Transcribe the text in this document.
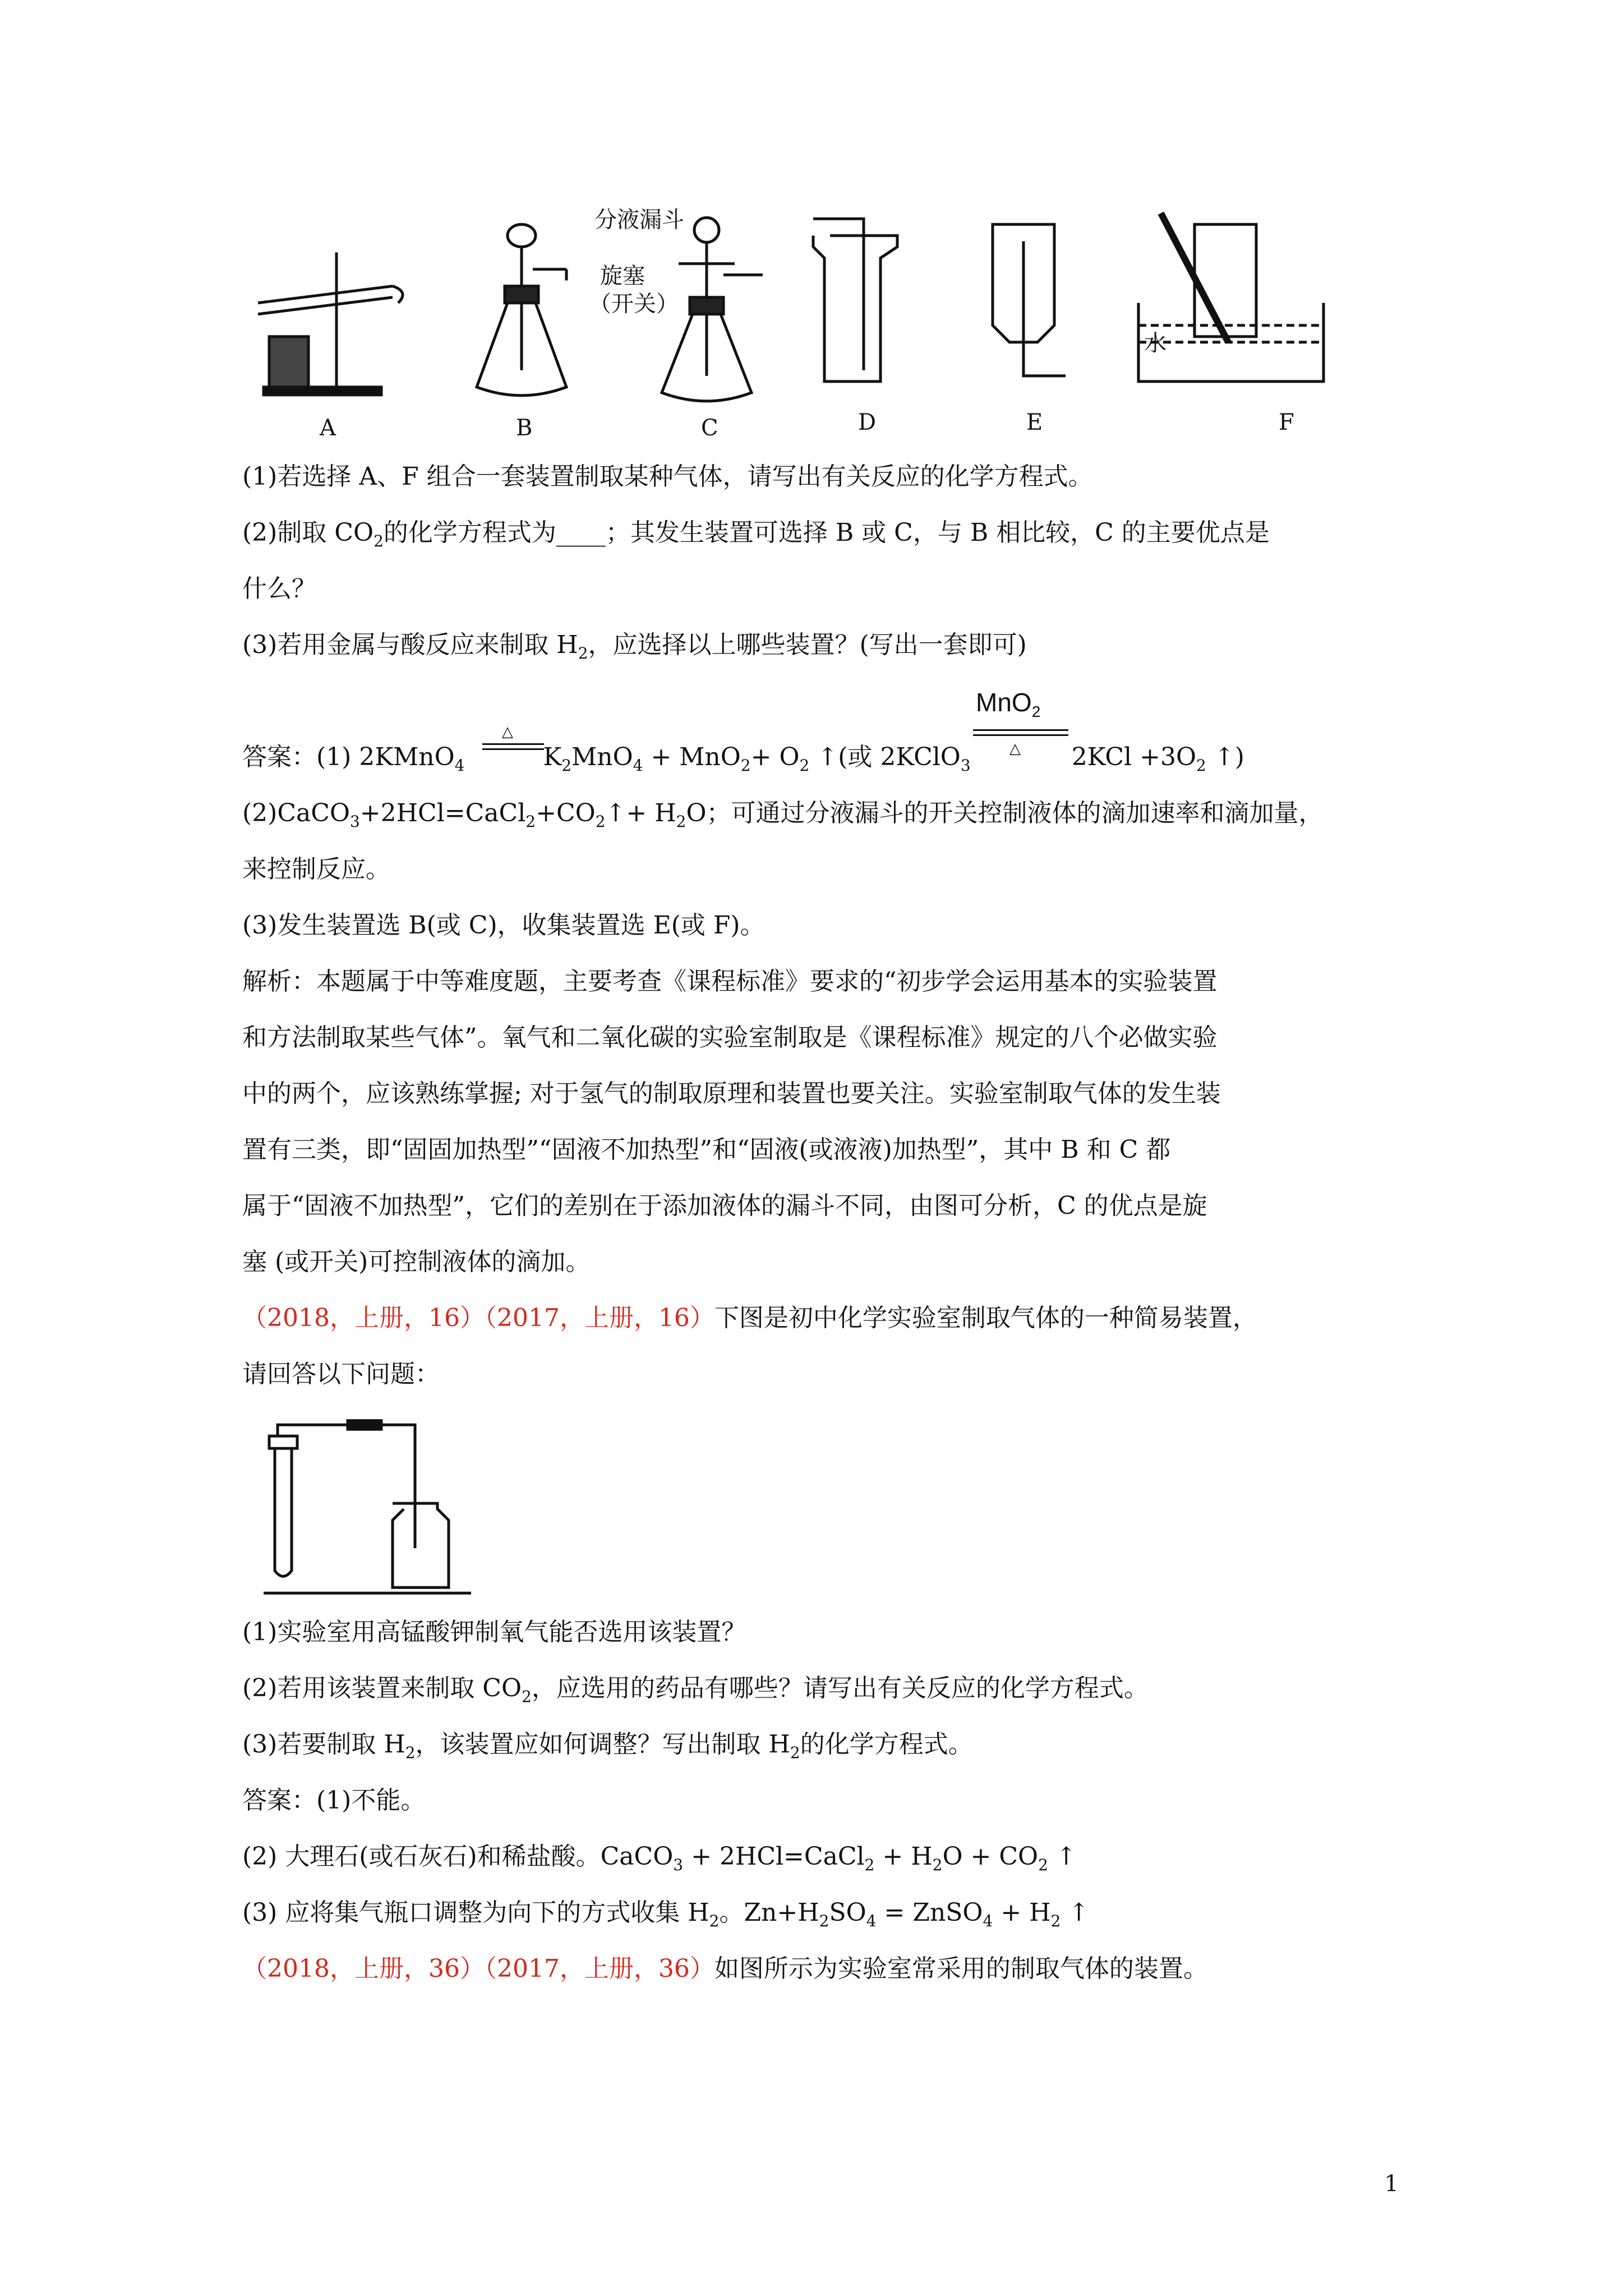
分液漏斗
旋塞
（开关）
水
A	B	C	D	E	F
(1)若选择 A、F 组合一套装置制取某种气体，请写出有关反应的化学方程式。
(2)制取 $CO_2$的化学方程式为____；其发生装置可选择 B 或 C，与 B 相比较，C 的主要优点是
什么？
(3)若用金属与酸反应来制取 $H_2$，应选择以上哪些装置？(写出一套即可)
MnO$_2$
△
△
答案：(1) 2KMnO$_4$	$K_2MnO_4 + MnO_2+ O_2$ ↑(或 2KClO$_3$	$2KCl +3O_2$ ↑)
$(2)CaCO_3+2HCl=CaCl_2+CO_2↑+ H_2O$；可通过分液漏斗的开关控制液体的滴加速率和滴加量，
来控制反应。
(3)发生装置选 B(或 C)，收集装置选 E(或 F)。
解析：本题属于中等难度题，主要考查《课程标准》要求的“初步学会运用基本的实验装置
和方法制取某些气体”。氧气和二氧化碳的实验室制取是《课程标准》规定的八个必做实验
中的两个，应该熟练掌握; 对于氢气的制取原理和装置也要关注。实验室制取气体的发生装
置有三类，即“固固加热型”“固液不加热型”和“固液(或液液)加热型”，其中 B 和 C 都
属于“固液不加热型”，它们的差别在于添加液体的漏斗不同，由图可分析，C 的优点是旋
塞 (或开关)可控制液体的滴加。
（2018，上册，16）（2017，上册，16）下图是初中化学实验室制取气体的一种简易装置，
请回答以下问题：
(1)实验室用高锰酸钾制氧气能否选用该装置？
(2)若用该装置来制取 $CO_2$，应选用的药品有哪些？请写出有关反应的化学方程式。
(3)若要制取 $H_2$，该装置应如何调整？写出制取 $H_2$的化学方程式。
答案：(1)不能。
(2) 大理石(或石灰石)和稀盐酸。CaCO$_3$ + 2HCl=CaCl$_2$ + $H_2O + CO_2$ ↑
(3) 应将集气瓶口调整为向下的方式收集 $H_2$。$Zn+H_2SO_4$ = ZnSO$_4$ + $H_2$ ↑
（2018，上册，36）（2017，上册，36）如图所示为实验室常采用的制取气体的装置。
1
